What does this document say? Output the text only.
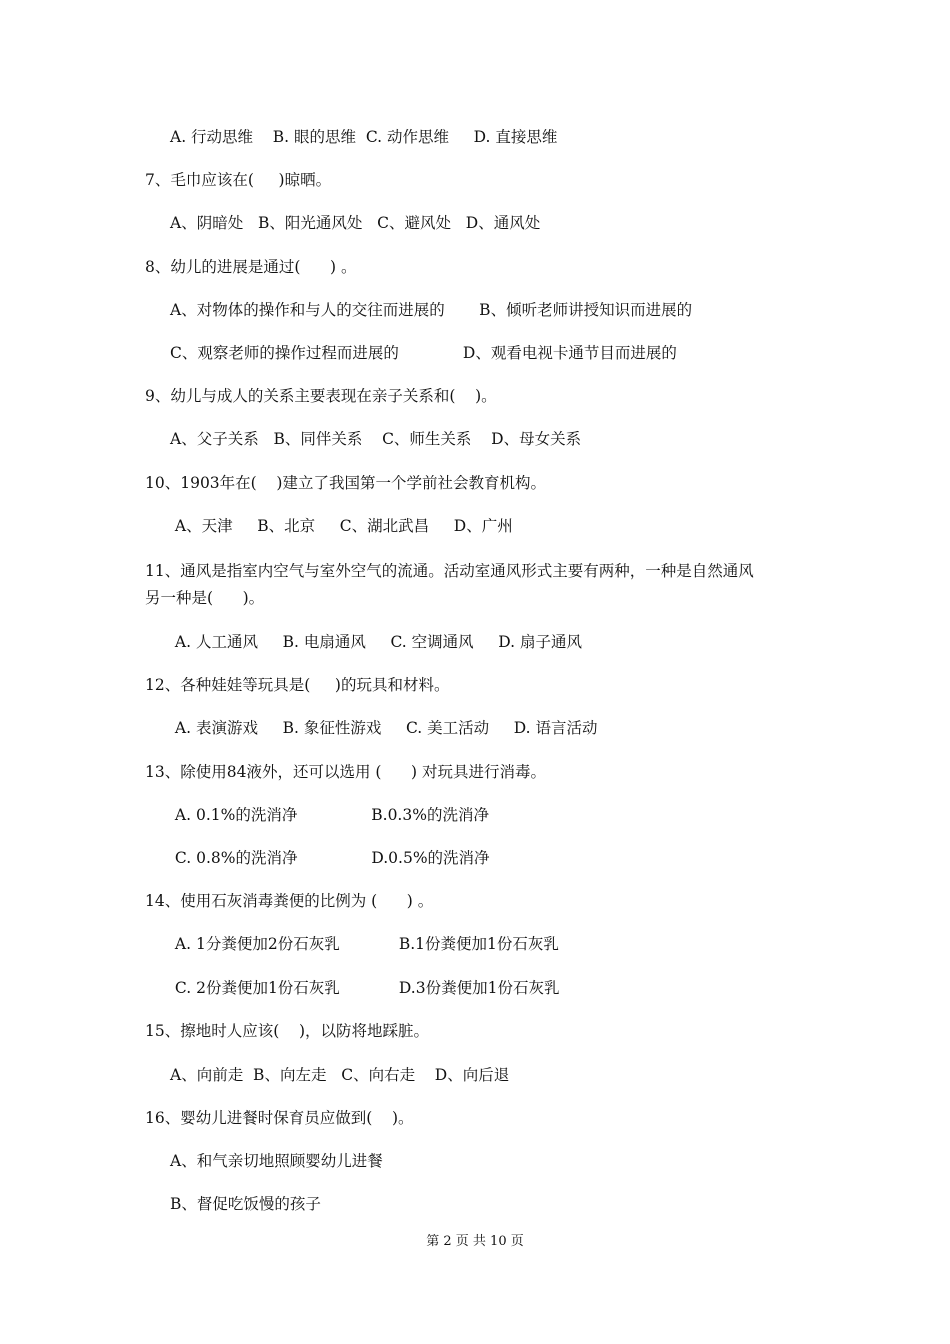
A. 行动思维    B. 眼的思维  C. 动作思维     D. 直接思维
7、毛巾应该在(     )晾晒。
A、阴暗处   B、阳光通风处   C、避风处   D、通风处
8、幼儿的进展是通过(      ) 。
A、对物体的操作和与人的交往而进展的       B、倾听老师讲授知识而进展的
C、观察老师的操作过程而进展的             D、观看电视卡通节目而进展的
9、幼儿与成人的关系主要表现在亲子关系和(    )。
A、父子关系   B、同伴关系    C、师生关系    D、母女关系
10、1903年在(    )建立了我国第一个学前社会教育机构。
A、天津     B、北京     C、湖北武昌     D、广州
11、通风是指室内空气与室外空气的流通。活动室通风形式主要有两种，一种是自然通风
另一种是(      )。
A. 人工通风     B. 电扇通风     C. 空调通风     D. 扇子通风
12、各种娃娃等玩具是(     )的玩具和材料。
A. 表演游戏     B. 象征性游戏     C. 美工活动     D. 语言活动
13、除使用84液外，还可以选用 (      ) 对玩具进行消毒。
A. 0.1%的洗消净               B.0.3%的洗消净
C. 0.8%的洗消净               D.0.5%的洗消净
14、使用石灰消毒粪便的比例为 (      ) 。
A. 1分粪便加2份石灰乳            B.1份粪便加1份石灰乳
C. 2份粪便加1份石灰乳            D.3份粪便加1份石灰乳
15、擦地时人应该(    )，以防将地踩脏。
A、向前走  B、向左走   C、向右走    D、向后退
16、婴幼儿进餐时保育员应做到(    )。
A、和气亲切地照顾婴幼儿进餐
B、督促吃饭慢的孩子
第 2 页 共 10 页
